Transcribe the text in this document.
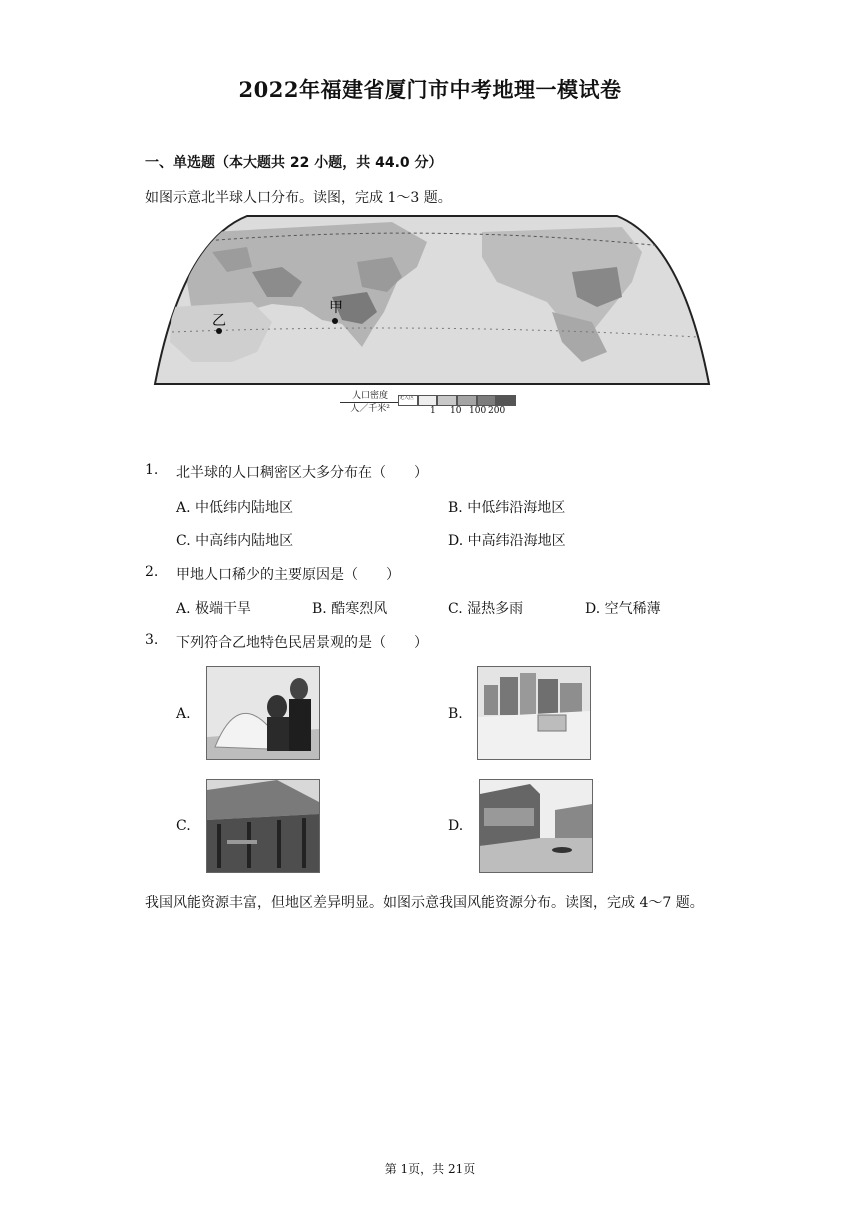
2022年福建省厦门市中考地理一模试卷
一、单选题（本大题共 22 小题，共 44.0 分）
如图示意北半球人口分布。读图，完成 1～3 题。
甲
乙
人口密度
人／千米²
无人区
1 10 100 200
1. 北半球的人口稠密区大多分布在（　　）
A. 中低纬内陆地区	B. 中低纬沿海地区
C. 中高纬内陆地区	D. 中高纬沿海地区
2. 甲地人口稀少的主要原因是（　　）
A. 极端干旱	B. 酷寒烈风	C. 湿热多雨	D. 空气稀薄
3. 下列符合乙地特色民居景观的是（　　）
A.	B.
C.	D.
我国风能资源丰富，但地区差异明显。如图示意我国风能资源分布。读图，完成 4～7 题。
第 1页，共 21页
